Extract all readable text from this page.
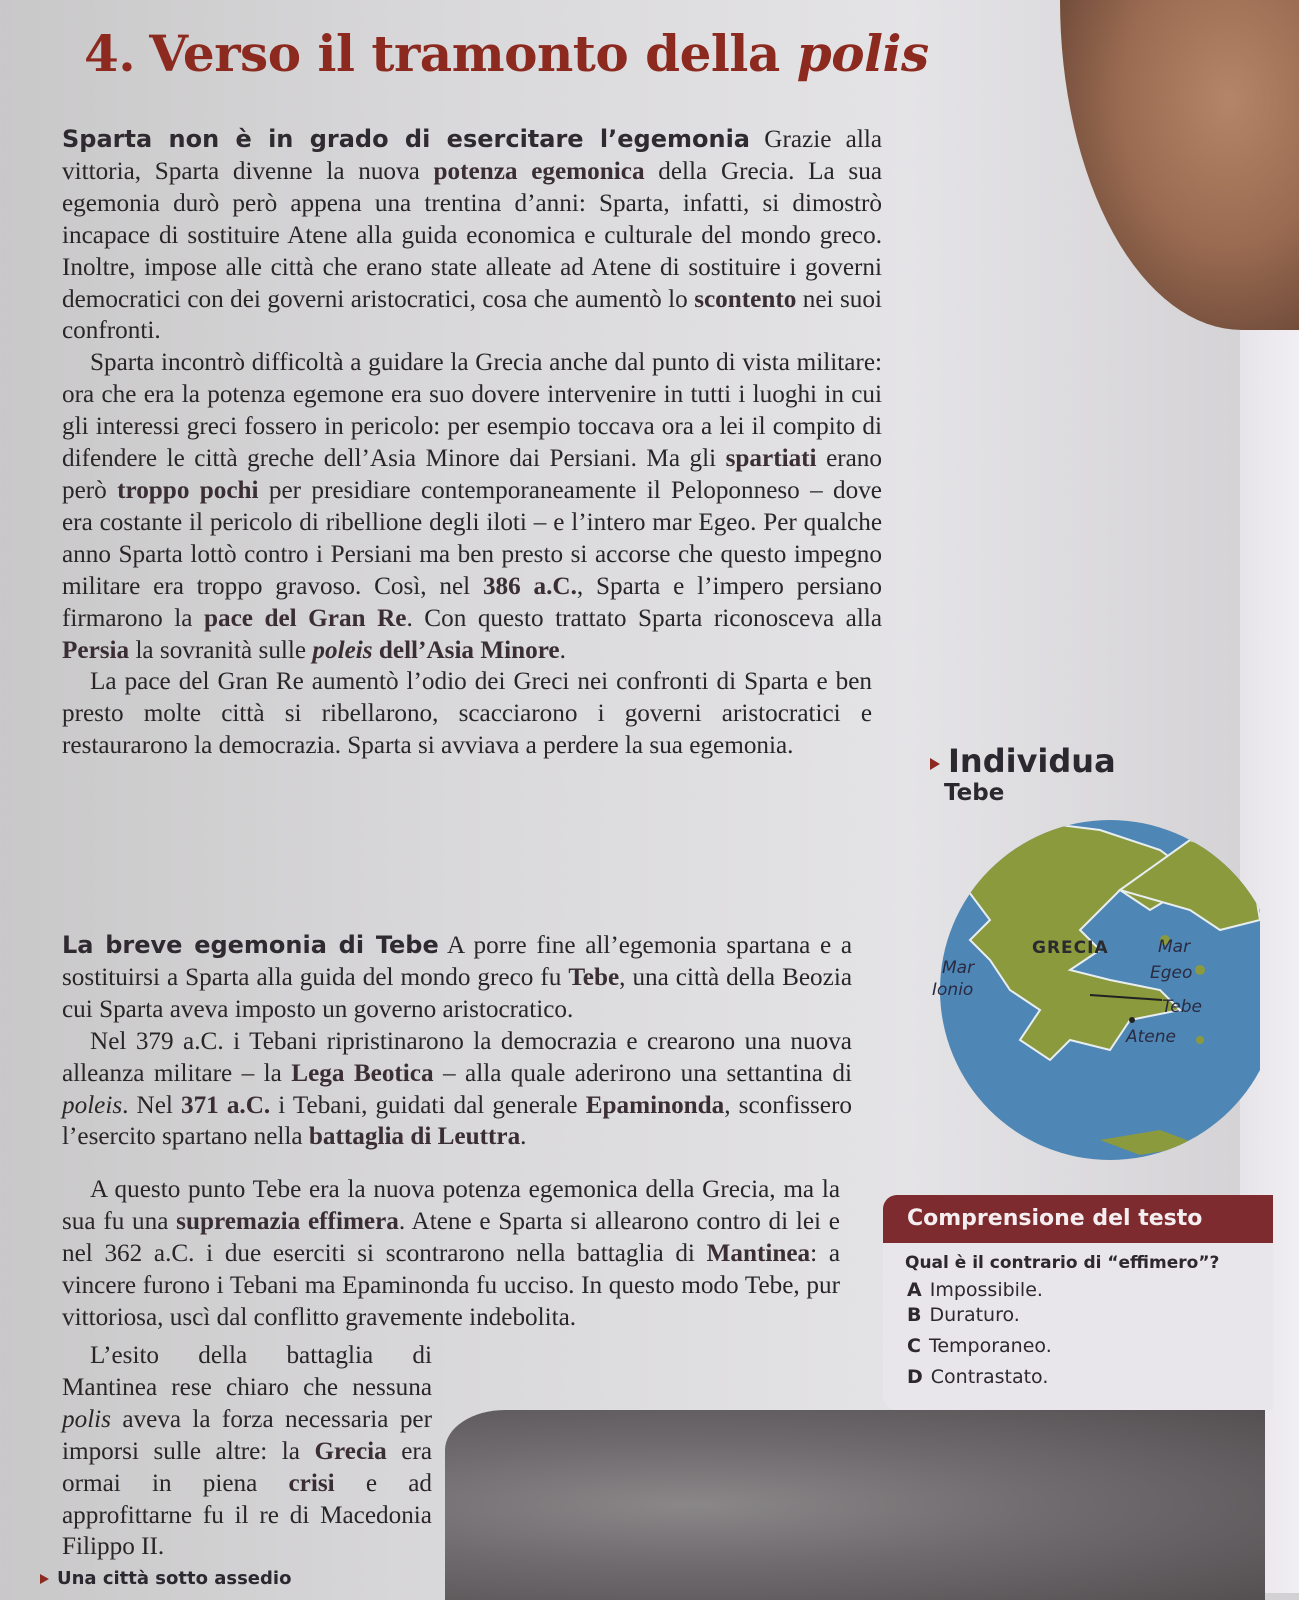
4. Verso il tramonto della polis

Sparta non è in grado di esercitare l’egemonia Grazie alla vittoria, Sparta divenne la nuova potenza egemonica della Grecia. La sua egemonia durò però appena una trentina d’anni: Sparta, infatti, si dimostrò incapace di sostituire Atene alla guida economica e culturale del mondo greco. Inoltre, impose alle città che erano state alleate ad Atene di sostituire i governi democratici con dei governi aristocratici, cosa che aumentò lo scontento nei suoi confronti.

Sparta incontrò difficoltà a guidare la Grecia anche dal punto di vista militare: ora che era la potenza egemone era suo dovere intervenire in tutti i luoghi in cui gli interessi greci fossero in pericolo: per esempio toccava ora a lei il compito di difendere le città greche dell’Asia Minore dai Persiani. Ma gli spartiati erano però troppo pochi per presidiare contemporaneamente il Peloponneso – dove era costante il pericolo di ribellione degli iloti – e l’intero mar Egeo. Per qualche anno Sparta lottò contro i Persiani ma ben presto si accorse che questo impegno militare era troppo gravoso. Così, nel 386 a.C., Sparta e l’impero persiano firmarono la pace del Gran Re. Con questo trattato Sparta riconosceva alla Persia la sovranità sulle poleis dell’Asia Minore.

La pace del Gran Re aumentò l’odio dei Greci nei confronti di Sparta e ben presto molte città si ribellarono, scacciarono i governi aristocratici e restaurarono la democrazia. Sparta si avviava a perdere la sua egemonia.

La breve egemonia di Tebe A porre fine all’egemonia spartana e a sostituirsi a Sparta alla guida del mondo greco fu Tebe, una città della Beozia cui Sparta aveva imposto un governo aristocratico.

Nel 379 a.C. i Tebani ripristinarono la democrazia e crearono una nuova alleanza militare – la Lega Beotica – alla quale aderirono una settantina di poleis. Nel 371 a.C. i Tebani, guidati dal generale Epaminonda, sconfissero l’esercito spartano nella battaglia di Leuttra.

A questo punto Tebe era la nuova potenza egemonica della Grecia, ma la sua fu una supremazia effimera. Atene e Sparta si allearono contro di lei e nel 362 a.C. i due eserciti si scontrarono nella battaglia di Mantinea: a vincere furono i Tebani ma Epaminonda fu ucciso. In questo modo Tebe, pur vittoriosa, uscì dal conflitto gravemente indebolita.

L’esito della battaglia di Mantinea rese chiaro che nessuna polis aveva la forza necessaria per imporsi sulle altre: la Grecia era ormai in piena crisi e ad approfittarne fu il re di Macedonia Filippo II.

Individua
Tebe
GRECIA
Mar
Ionio
Mar
Egeo
Tebe
Atene
Comprensione del testo
Qual è il contrario di “effimero”?
A Impossibile.
B Duraturo.
C Temporaneo.
D Contrastato.
Una città sotto assedio
